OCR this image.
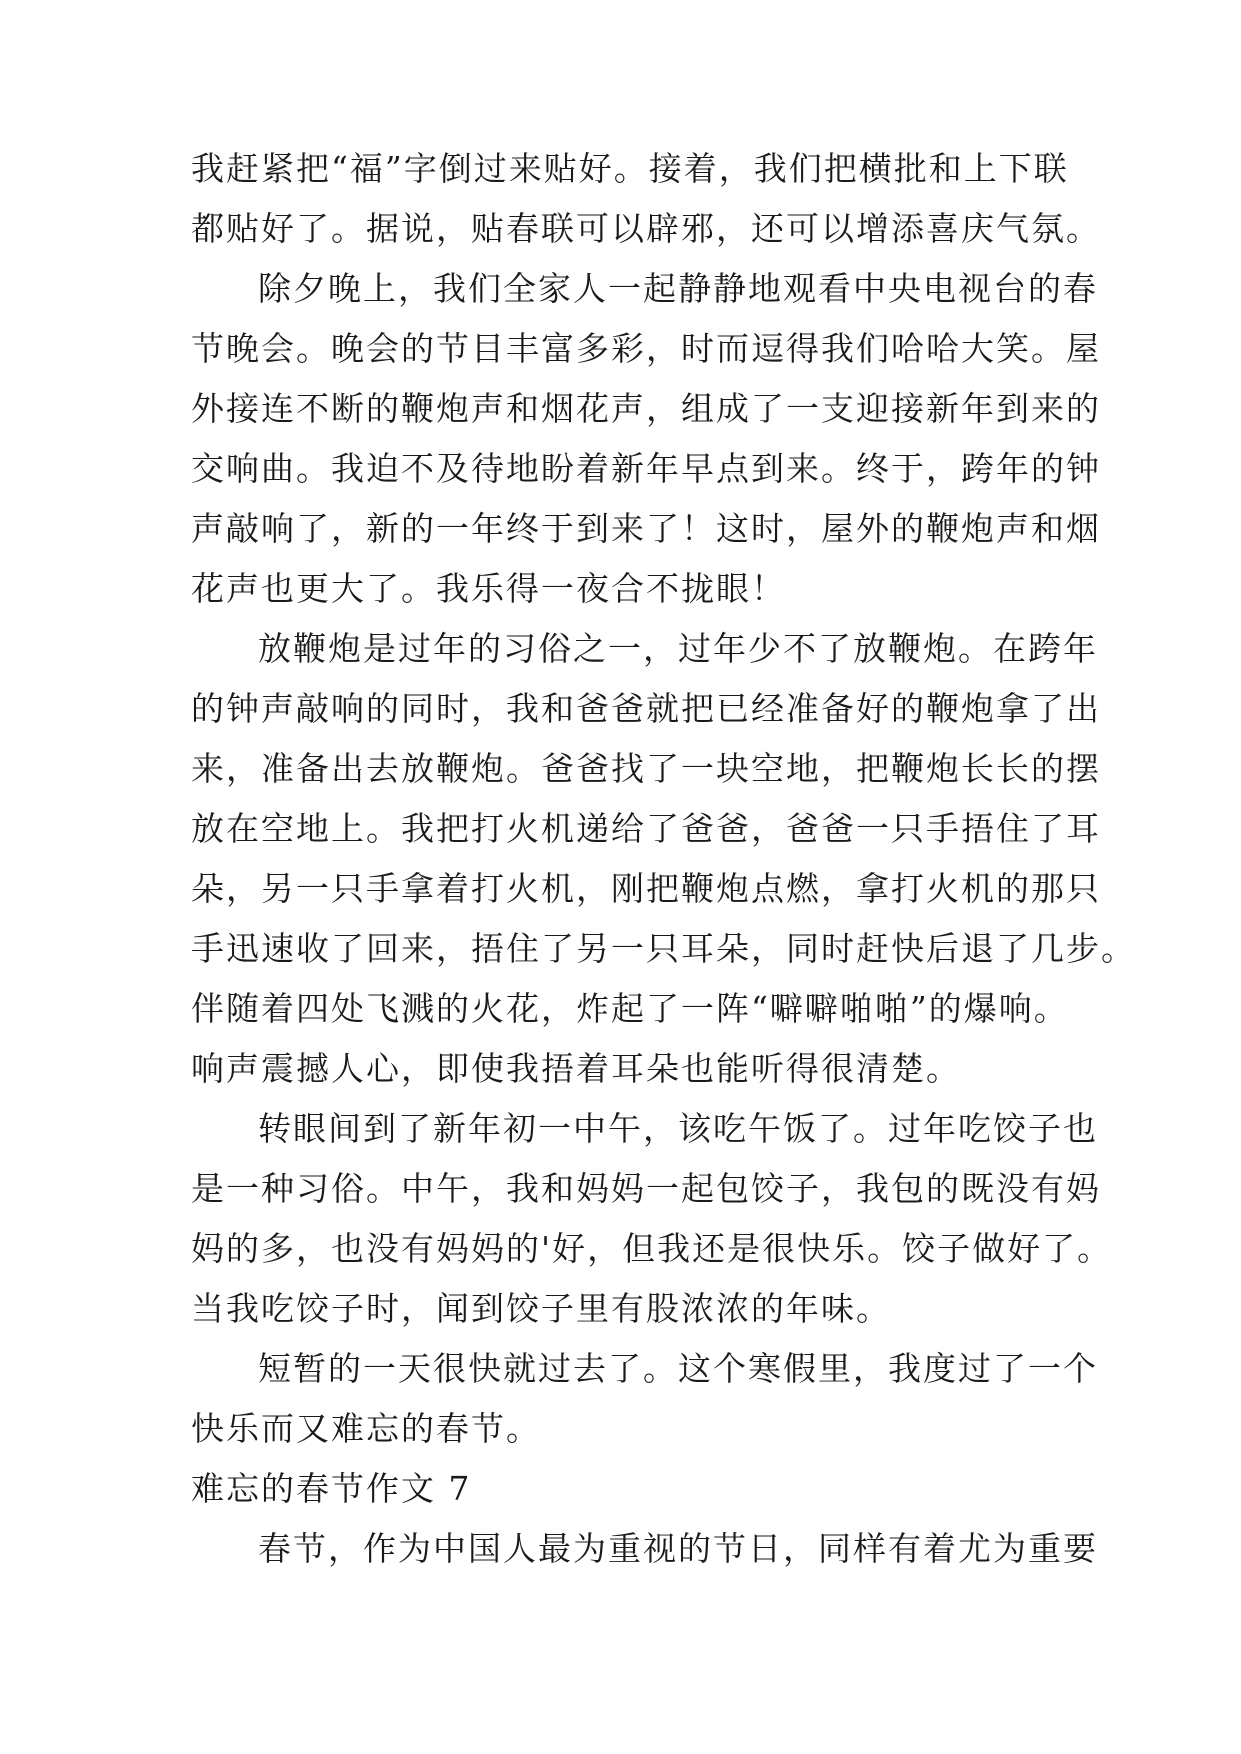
我赶紧把“福”字倒过来贴好。接着，我们把横批和上下联
都贴好了。据说，贴春联可以辟邪，还可以增添喜庆气氛。
除夕晚上，我们全家人一起静静地观看中央电视台的春
节晚会。晚会的节目丰富多彩，时而逗得我们哈哈大笑。屋
外接连不断的鞭炮声和烟花声，组成了一支迎接新年到来的
交响曲。我迫不及待地盼着新年早点到来。终于，跨年的钟
声敲响了，新的一年终于到来了！这时，屋外的鞭炮声和烟
花声也更大了。我乐得一夜合不拢眼！
放鞭炮是过年的习俗之一，过年少不了放鞭炮。在跨年
的钟声敲响的同时，我和爸爸就把已经准备好的鞭炮拿了出
来，准备出去放鞭炮。爸爸找了一块空地，把鞭炮长长的摆
放在空地上。我把打火机递给了爸爸，爸爸一只手捂住了耳
朵，另一只手拿着打火机，刚把鞭炮点燃，拿打火机的那只
手迅速收了回来，捂住了另一只耳朵，同时赶快后退了几步。
伴随着四处飞溅的火花，炸起了一阵“噼噼啪啪”的爆响。
响声震撼人心，即使我捂着耳朵也能听得很清楚。
转眼间到了新年初一中午，该吃午饭了。过年吃饺子也
是一种习俗。中午，我和妈妈一起包饺子，我包的既没有妈
妈的多，也没有妈妈的'好，但我还是很快乐。饺子做好了。
当我吃饺子时，闻到饺子里有股浓浓的年味。
短暂的一天很快就过去了。这个寒假里，我度过了一个
快乐而又难忘的春节。
难忘的春节作文 7
春节，作为中国人最为重视的节日，同样有着尤为重要
